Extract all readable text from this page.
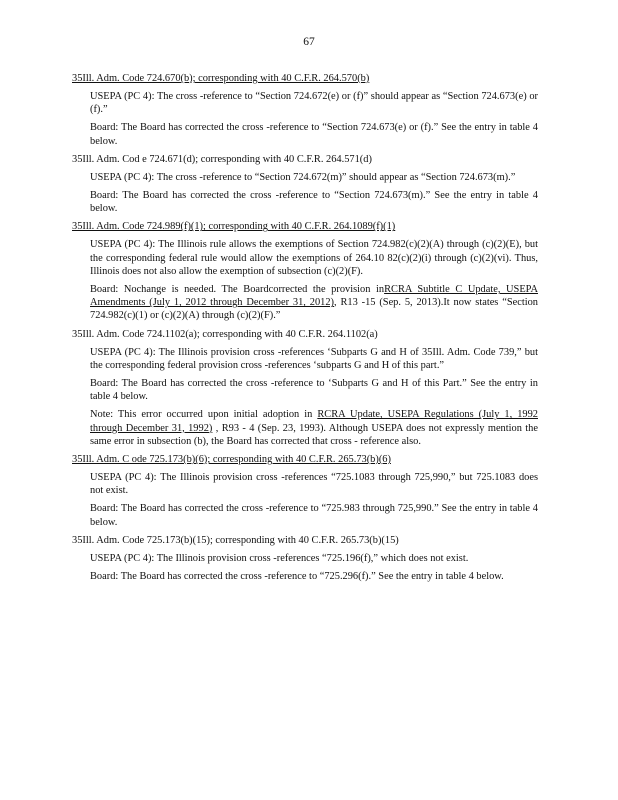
67
35Ill. Adm. Code 724.670(b); corresponding with 40 C.F.R. 264.570(b)
USEPA (PC 4): The cross -reference to “Section 724.672(e) or (f)” should appear as “Section 724.673(e) or (f).”
Board: The Board has corrected the cross -reference to “Section 724.673(e) or (f).” See the entry in table 4 below.
35Ill. Adm. Cod e 724.671(d); corresponding with 40 C.F.R. 264.571(d)
USEPA (PC 4): The cross -reference to “Section 724.672(m)” should appear as “Section 724.673(m).”
Board: The Board has corrected the cross -reference to “Section 724.673(m).” See the entry in table 4 below.
35Ill. Adm. Code 724.989(f)(1); corresponding with 40 C.F.R. 264.1089(f)(1)
USEPA (PC 4): The Illinois rule allows the exemptions of Section 724.982(c)(2)(A) through (c)(2)(E), but the corresponding federal rule would allow the exemptions of 264.10 82(c)(2)(i) through (c)(2)(vi). Thus, Illinois does not also allow the exemption of subsection (c)(2)(F).
Board: Nochange is needed. The Boardcorrected the provision inRCRA Subtitle C Update, USEPA Amendments (July 1, 2012 through December 31, 2012), R13 -15 (Sep. 5, 2013).It now states “Section 724.982(c)(1) or (c)(2)(A) through (c)(2)(F).”
35Ill. Adm. Code 724.1102(a); corresponding with 40 C.F.R. 264.1102(a)
USEPA (PC 4): The Illinois provision cross -references ‘Subparts G and H of 35Ill. Adm. Code 739,” but the corresponding federal provision cross -references ‘subparts G and H of this part.”
Board: The Board has corrected the cross -reference to ‘Subparts G and H of this Part.” See the entry in table 4 below.
Note: This error occurred upon initial adoption in RCRA Update, USEPA Regulations (July 1, 1992 through December 31, 1992) , R93 - 4 (Sep. 23, 1993). Although USEPA does not expressly mention the same error in subsection (b), the Board has corrected that cross - reference also.
35Ill. Adm. C ode 725.173(b)(6); corresponding with 40 C.F.R. 265.73(b)(6)
USEPA (PC 4): The Illinois provision cross -references “725.1083 through 725,990,” but 725.1083 does not exist.
Board: The Board has corrected the cross -reference to “725.983 through 725,990.” See the entry in table 4 below.
35Ill. Adm. Code 725.173(b)(15); corresponding with 40 C.F.R. 265.73(b)(15)
USEPA (PC 4): The Illinois provision cross -references “725.196(f),” which does not exist.
Board: The Board has corrected the cross -reference to “725.296(f).” See the entry in table 4 below.
